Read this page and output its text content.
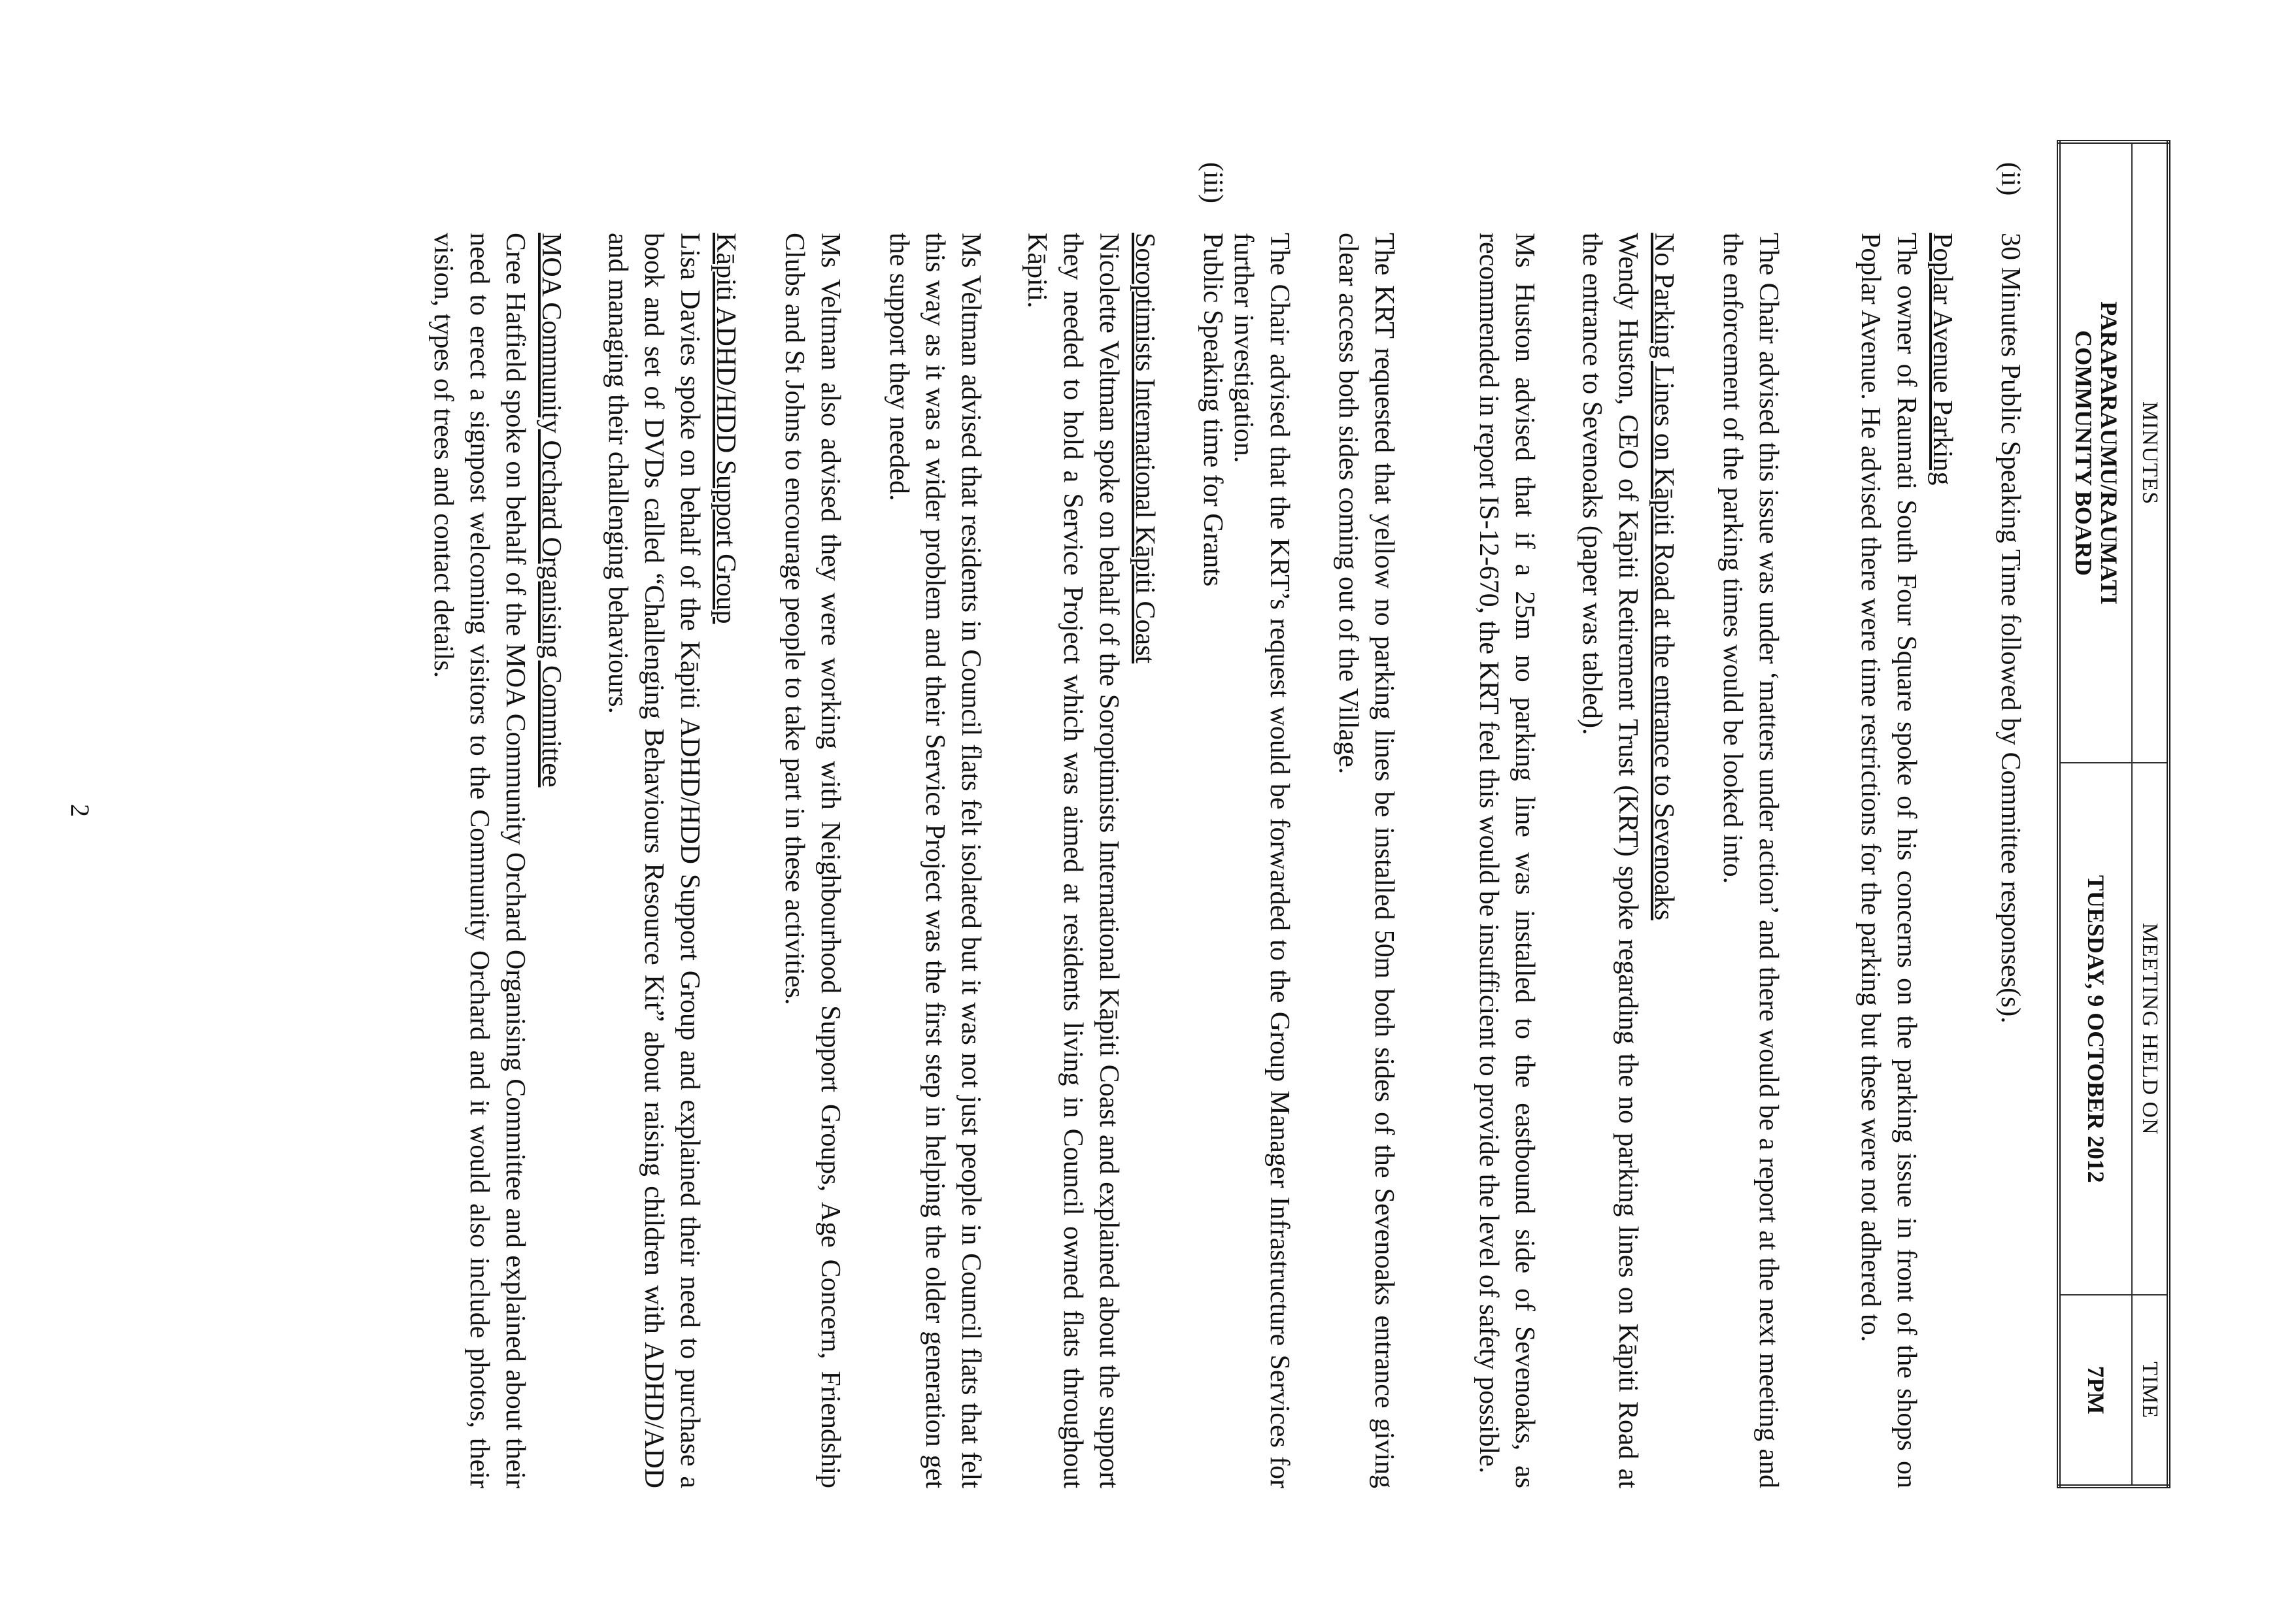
MINUTES	MEETING HELD ON	TIME
PARAPARAUMU/RAUMATI
COMMUNITY BOARD	TUESDAY, 9 OCTOBER 2012	7PM
(ii)
30 Minutes Public Speaking Time followed by Committee responses(s).
Poplar Avenue Parking
The owner of Raumati South Four Square spoke of his concerns on the parking issue in front of the shops on Poplar Avenue. He advised there were time restrictions for the parking but these were not adhered to.
The Chair advised this issue was under ‘matters under action’ and there would be a report at the next meeting and the enforcement of the parking times would be looked into.
No Parking Lines on Kāpiti Road at the entrance to Sevenoaks
Wendy Huston, CEO of Kāpiti Retirement Trust (KRT) spoke regarding the no parking lines on Kāpiti Road at the entrance to Sevenoaks (paper was tabled).
Ms Huston advised that if a 25m no parking line was installed to the eastbound side of Sevenoaks, as recommended in report IS-12-670, the KRT feel this would be insufficient to provide the level of safety possible.
The KRT requested that yellow no parking lines be installed 50m both sides of the Sevenoaks entrance giving clear access both sides coming out of the Village.
The Chair advised that the KRT’s request would be forwarded to the Group Manager Infrastructure Services for further investigation.
(iii)
Public Speaking time for Grants
Soroptimists International Kāpiti Coast
Nicolette Veltman spoke on behalf of the Soroptimists International Kāpiti Coast and explained about the support they needed to hold a Service Project which was aimed at residents living in Council owned flats throughout Kāpiti.
Ms Veltman advised that residents in Council flats felt isolated but it was not just people in Council flats that felt this way as it was a wider problem and their Service Project was the first step in helping the older generation get the support they needed.
Ms Veltman also advised they were working with Neighbourhood Support Groups, Age Concern, Friendship Clubs and St Johns to encourage people to take part in these activities.
Kāpiti ADHD/HDD Support Group
Lisa Davies spoke on behalf of the Kāpiti ADHD/HDD Support Group and explained their need to purchase a book and set of DVDs called “Challenging Behaviours Resource Kit” about raising children with ADHD/ADD and managing their challenging behaviours.
MOA Community Orchard Organising Committee
Cree Hatfield spoke on behalf of the MOA Community Orchard Organising Committee and explained about their need to erect a signpost welcoming visitors to the Community Orchard and it would also include photos, their vision, types of trees and contact details.
2
